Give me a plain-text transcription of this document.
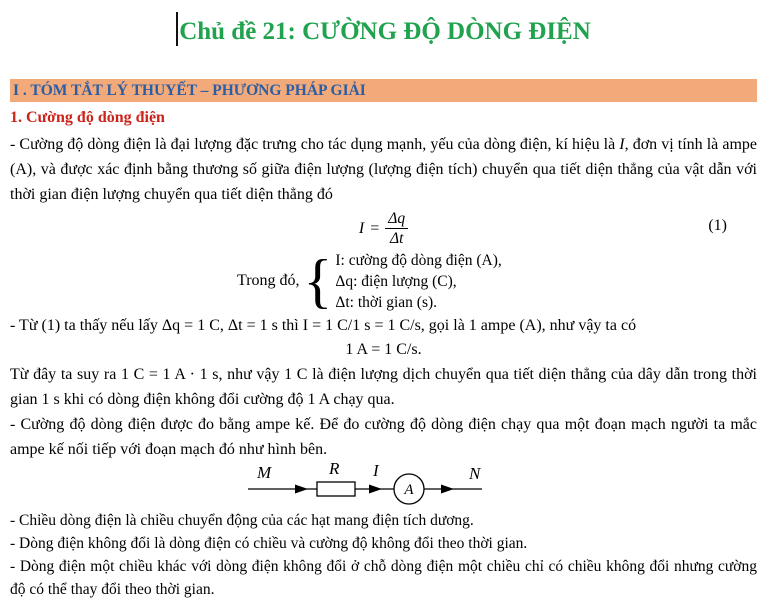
Chủ đề 21: CƯỜNG ĐỘ DÒNG ĐIỆN
I . TÓM TẮT LÝ THUYẾT – PHƯƠNG PHÁP GIẢI
1. Cường độ dòng điện

- Cường độ dòng điện là đại lượng đặc trưng cho tác dụng mạnh, yếu của dòng điện, kí hiệu là I, đơn vị tính là ampe (A), và được xác định bằng thương số giữa điện lượng (lượng điện tích) chuyển qua tiết diện thẳng của vật dẫn với thời gian điện lượng chuyển qua tiết diện thẳng đó

$I = \frac{\Delta q}{\Delta t}$	(1)
Trong đó, { I: cường độ dòng điện (A),
Δq: điện lượng (C),
Δt: thời gian (s).

- Từ (1) ta thấy nếu lấy Δq = 1 C, Δt = 1 s thì I = 1 C/1 s = 1 C/s, gọi là 1 ampe (A), như vậy ta có

1 A = 1 C/s.

Từ đây ta suy ra 1 C = 1 A · 1 s, như vậy 1 C là điện lượng dịch chuyển qua tiết diện thẳng của dây dẫn trong thời gian 1 s khi có dòng điện không đổi cường độ 1 A chạy qua.

- Cường độ dòng điện được đo bằng ampe kế. Để đo cường độ dòng điện chạy qua một đoạn mạch người ta mắc ampe kế nối tiếp với đoạn mạch đó như hình bên.

M	R I
A
N

- Chiều dòng điện là chiều chuyển động của các hạt mang điện tích dương.

- Dòng điện không đổi là dòng điện có chiều và cường độ không đổi theo thời gian.

- Dòng điện một chiều khác với dòng điện không đổi ở chỗ dòng điện một chiều chỉ có chiều không đổi nhưng cường độ có thể thay đổi theo thời gian.
